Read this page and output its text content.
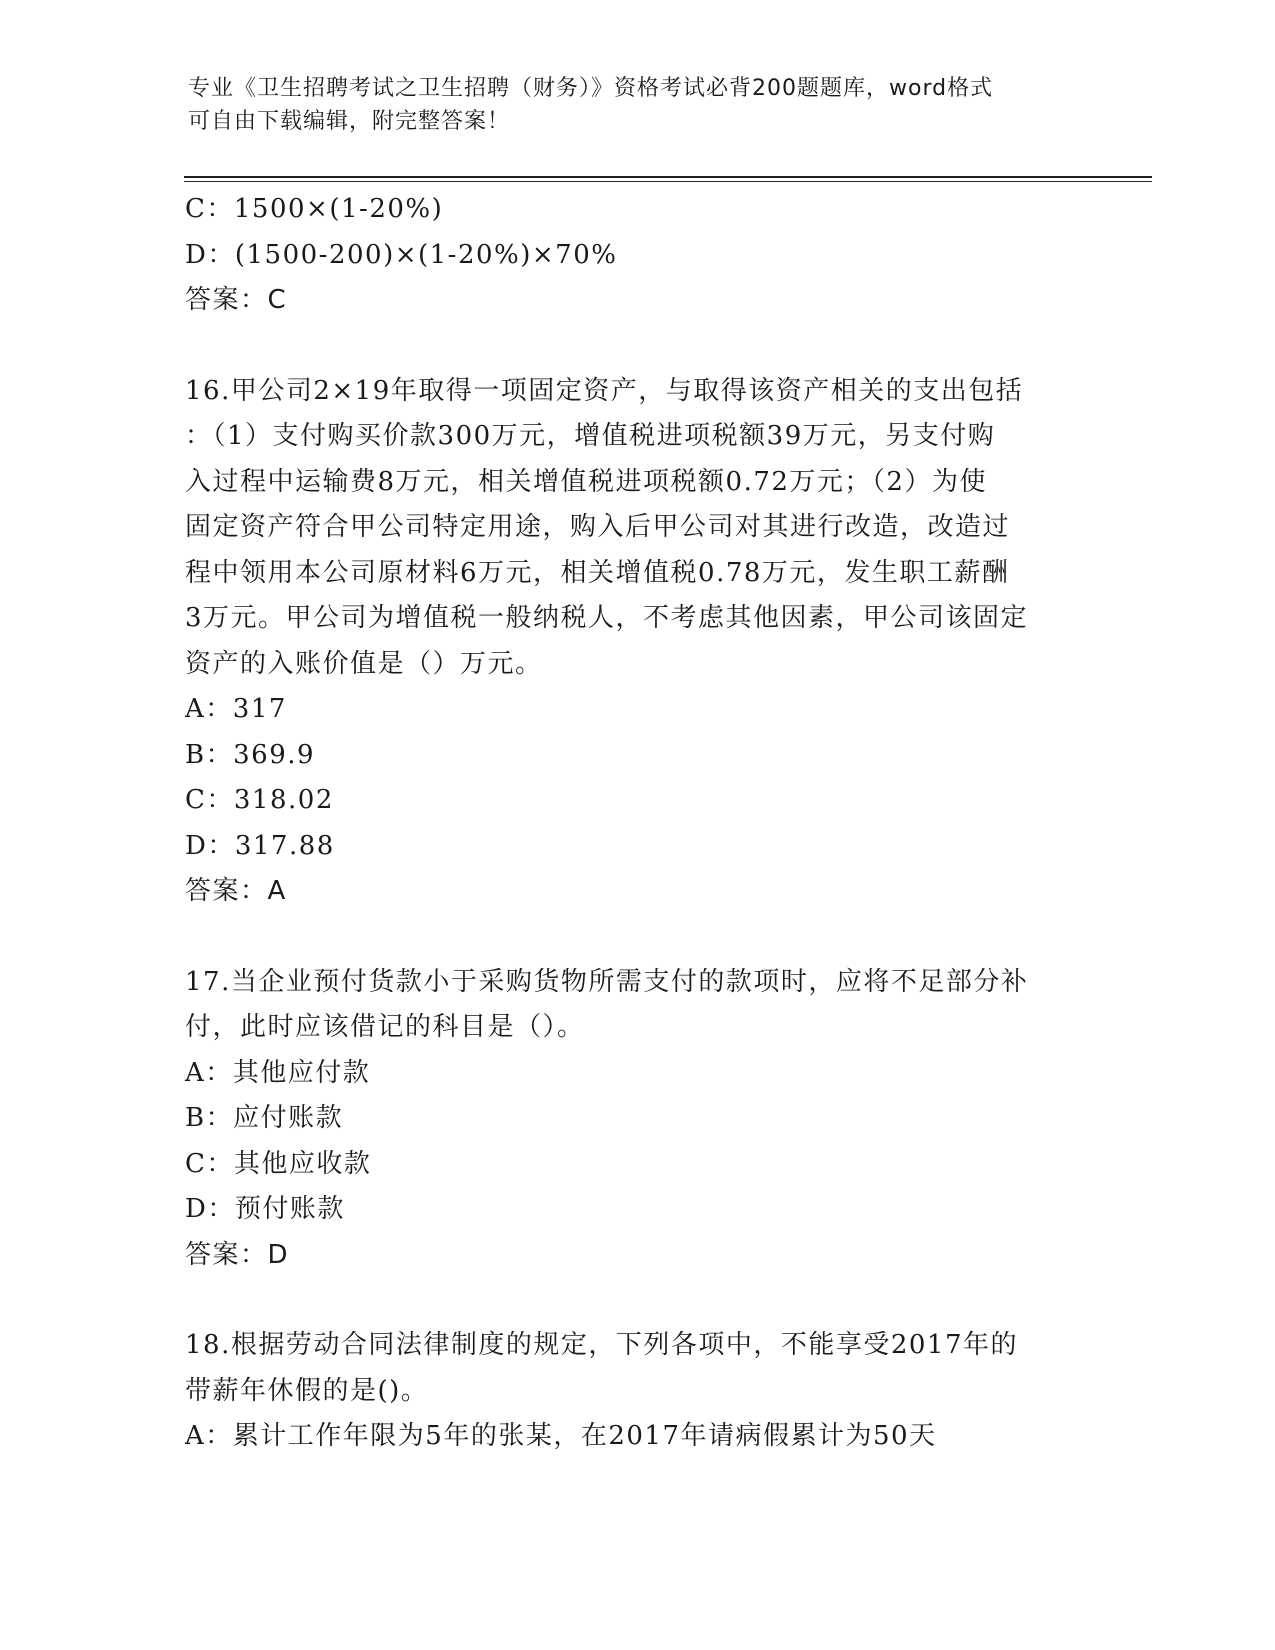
专业《卫生招聘考试之卫生招聘（财务）》资格考试必背200题题库，word格式
可自由下载编辑，附完整答案！
C：1500×(1-20%)
D：(1500-200)×(1-20%)×70%
答案：C
16.甲公司2×19年取得一项固定资产，与取得该资产相关的支出包括
：（1）支付购买价款300万元，增值税进项税额39万元，另支付购
入过程中运输费8万元，相关增值税进项税额0.72万元；（2）为使
固定资产符合甲公司特定用途，购入后甲公司对其进行改造，改造过
程中领用本公司原材料6万元，相关增值税0.78万元，发生职工薪酬
3万元。甲公司为增值税一般纳税人，不考虑其他因素，甲公司该固定
资产的入账价值是（）万元。
A：317
B：369.9
C：318.02
D：317.88
答案：A
17.当企业预付货款小于采购货物所需支付的款项时，应将不足部分补
付，此时应该借记的科目是（）。
A：其他应付款
B：应付账款
C：其他应收款
D：预付账款
答案：D
18.根据劳动合同法律制度的规定，下列各项中，不能享受2017年的
带薪年休假的是()。
A：累计工作年限为5年的张某，在2017年请病假累计为50天
